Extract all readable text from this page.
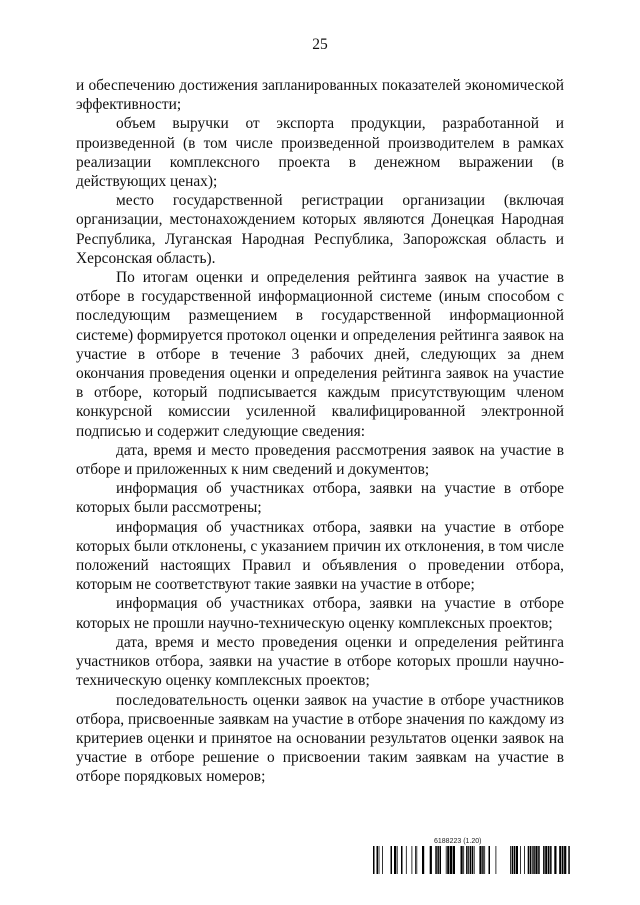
25

и обеспечению достижения запланированных показателей экономической эффективности;

объем выручки от экспорта продукции, разработанной и произведенной (в том числе произведенной производителем в рамках реализации комплексного проекта в денежном выражении (в действующих ценах);

место государственной регистрации организации (включая организации, местонахождением которых являются Донецкая Народная Республика, Луганская Народная Республика, Запорожская область и Херсонская область).

По итогам оценки и определения рейтинга заявок на участие в отборе в государственной информационной системе (иным способом с последующим размещением в государственной информационной системе) формируется протокол оценки и определения рейтинга заявок на участие в отборе в течение 3 рабочих дней, следующих за днем окончания проведения оценки и определения рейтинга заявок на участие в отборе, который подписывается каждым присутствующим членом конкурсной комиссии усиленной квалифицированной электронной подписью и содержит следующие сведения:

дата, время и место проведения рассмотрения заявок на участие в отборе и приложенных к ним сведений и документов;

информация об участниках отбора, заявки на участие в отборе которых были рассмотрены;

информация об участниках отбора, заявки на участие в отборе которых были отклонены, с указанием причин их отклонения, в том числе положений настоящих Правил и объявления о проведении отбора, которым не соответствуют такие заявки на участие в отборе;

информация об участниках отбора, заявки на участие в отборе которых не прошли научно-техническую оценку комплексных проектов;

дата, время и место проведения оценки и определения рейтинга участников отбора, заявки на участие в отборе которых прошли научно-техническую оценку комплексных проектов;

последовательность оценки заявок на участие в отборе участников отбора, присвоенные заявкам на участие в отборе значения по каждому из критериев оценки и принятое на основании результатов оценки заявок на участие в отборе решение о присвоении таким заявкам на участие в отборе порядковых номеров;

6188223 (1.20)
